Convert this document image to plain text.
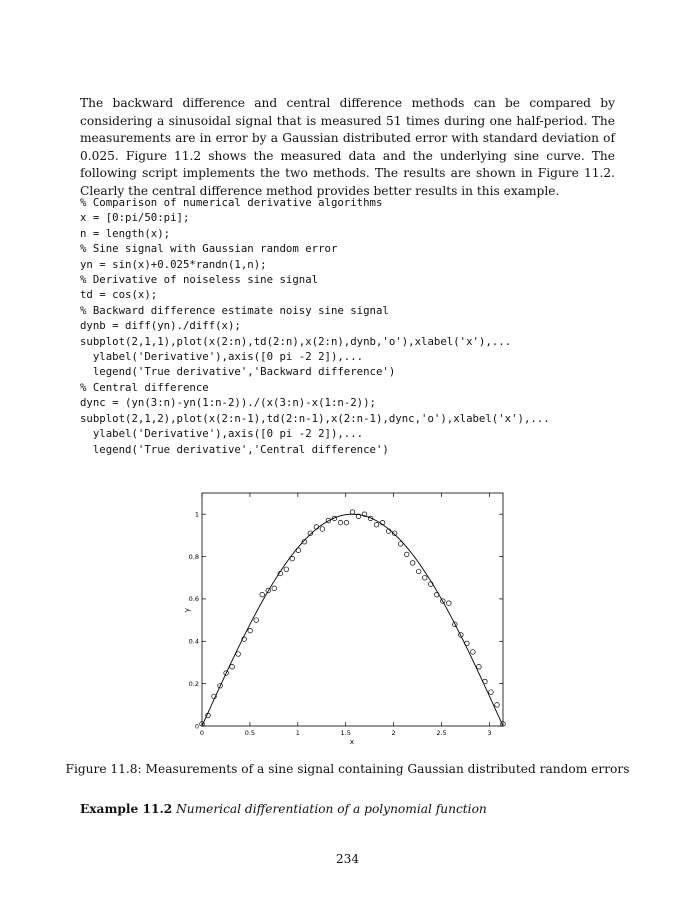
The backward difference and central difference methods can be compared by considering a sinusoidal signal that is measured 51 times during one half-period. The measurements are in error by a Gaussian distributed error with standard deviation of 0.025. Figure 11.2 shows the measured data and the underlying sine curve. The following script implements the two methods. The results are shown in Figure 11.2. Clearly the central difference method provides better results in this example.
% Comparison of numerical derivative algorithms
x = [0:pi/50:pi];
n = length(x);
% Sine signal with Gaussian random error
yn = sin(x)+0.025*randn(1,n);
% Derivative of noiseless sine signal
td = cos(x);
% Backward difference estimate noisy sine signal
dynb = diff(yn)./diff(x);
subplot(2,1,1),plot(x(2:n),td(2:n),x(2:n),dynb,'o'),xlabel('x'),...
ylabel('Derivative'),axis([0 pi -2 2]),...
legend('True derivative','Backward difference')
% Central difference
dync = (yn(3:n)-yn(1:n-2))./(x(3:n)-x(1:n-2));
subplot(2,1,2),plot(x(2:n-1),td(2:n-1),x(2:n-1),dync,'o'),xlabel('x'),...
ylabel('Derivative'),axis([0 pi -2 2]),...
legend('True derivative','Central difference')
0	0.5	1	1.5	2	2.5	3
0
0.2
0.4
0.6
0.8
1
x
y
Figure 11.8: Measurements of a sine signal containing Gaussian distributed random errors
Example 11.2 Numerical differentiation of a polynomial function
234
